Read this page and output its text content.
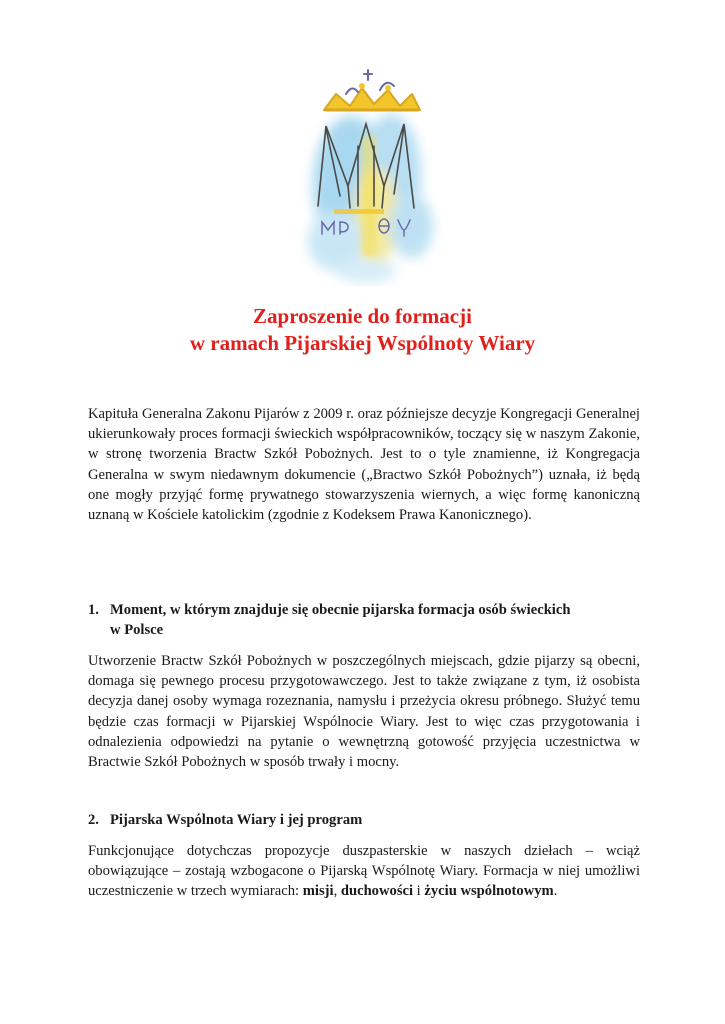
Zaproszenie do formacji
w ramach Pijarskiej Wspólnoty Wiary

Kapituła Generalna Zakonu Pijarów z 2009 r. oraz późniejsze decyzje Kongregacji Generalnej ukierunkowały proces formacji świeckich współpracowników, toczący się w naszym Zakonie, w stronę tworzenia Bractw Szkół Pobożnych. Jest to o tyle znamienne, iż Kongregacja Generalna w swym niedawnym dokumencie („Bractwo Szkół Pobożnych”) uznała, iż będą one mogły przyjąć formę prywatnego stowarzyszenia wiernych, a więc formę kanoniczną uznaną w Kościele katolickim (zgodnie z Kodeksem Prawa Kanonicznego).

1. Moment, w którym znajduje się obecnie pijarska formacja osób świeckich
w Polsce

Utworzenie Bractw Szkół Pobożnych w poszczególnych miejscach, gdzie pijarzy są obecni, domaga się pewnego procesu przygotowawczego. Jest to także związane z tym, iż osobista decyzja danej osoby wymaga rozeznania, namysłu i przeżycia okresu próbnego. Służyć temu będzie czas formacji w Pijarskiej Wspólnocie Wiary. Jest to więc czas przygotowania i odnalezienia odpowiedzi na pytanie o wewnętrzną gotowość przyjęcia uczestnictwa w Bractwie Szkół Pobożnych w sposób trwały i mocny.

2. Pijarska Wspólnota Wiary i jej program

Funkcjonujące dotychczas propozycje duszpasterskie w naszych dziełach – wciąż obowiązujące – zostają wzbogacone o Pijarską Wspólnotę Wiary. Formacja w niej umożliwi uczestniczenie w trzech wymiarach: misji, duchowości i życiu wspólnotowym.
